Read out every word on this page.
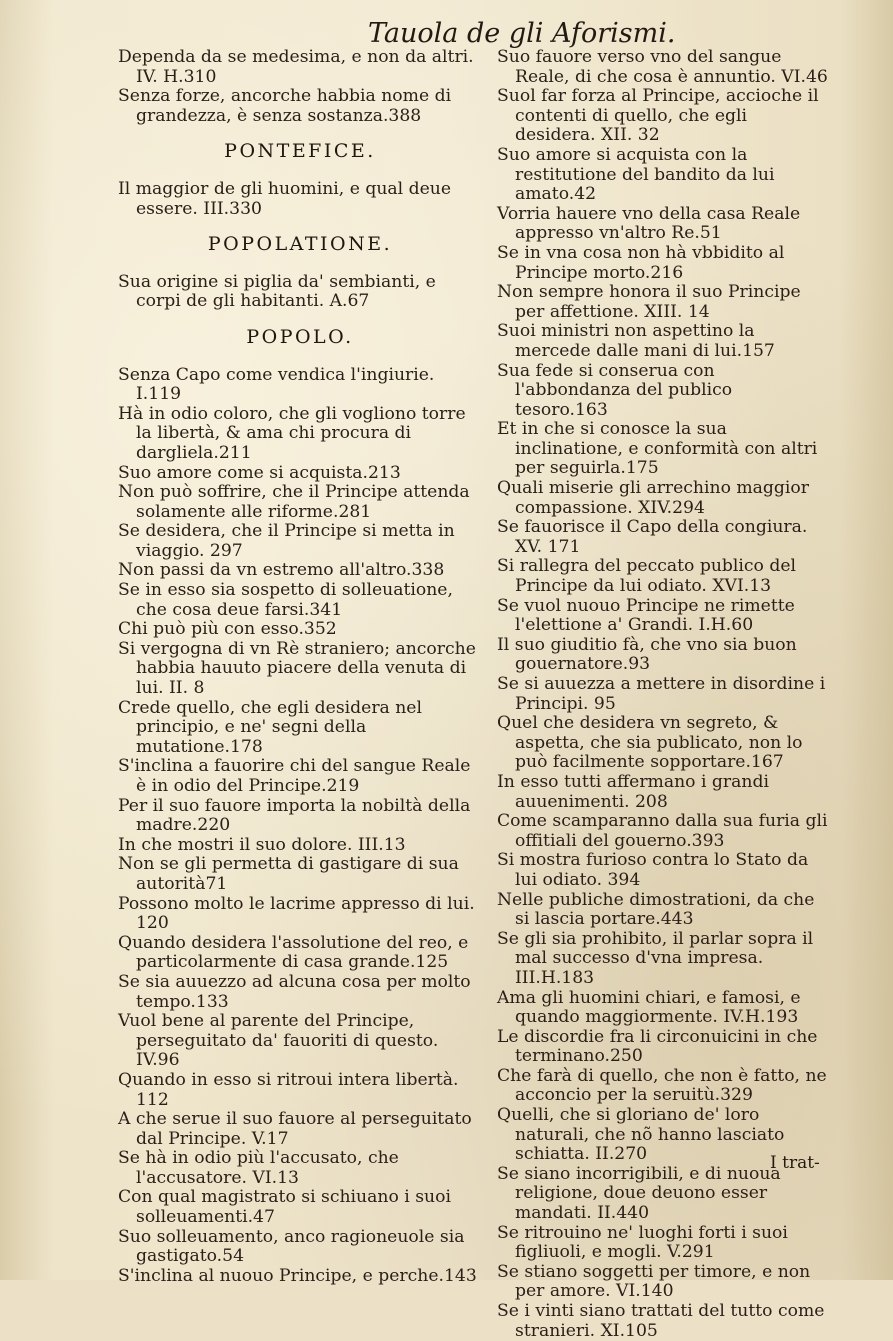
Tauola de gli Aforismi.
Dependa da se medesima, e non da altri. IV. H.310
Senza forze, ancorche habbia nome di grandezza, è senza sostanza.388
PONTEFICE.
Il maggior de gli huomini, e qual deue essere. III.330
POPOLATIONE.
Sua origine si piglia da' sembianti, e corpi de gli habitanti. A.67
POPOLO.
Senza Capo come vendica l'ingiurie. I.119
Hà in odio coloro, che gli vogliono torre la libertà, & ama chi procura di dargliela.211
Suo amore come si acquista.213
Non può soffrire, che il Principe attenda solamente alle riforme.281
Se desidera, che il Principe si metta in viaggio. 297
Non passi da vn estremo all'altro.338
Se in esso sia sospetto di solleuatione, che cosa deue farsi.341
Chi può più con esso.352
Si vergogna di vn Rè straniero; ancorche habbia hauuto piacere della venuta di lui. II. 8
Crede quello, che egli desidera nel principio, e ne' segni della mutatione.178
S'inclina a fauorire chi del sangue Reale è in odio del Principe.219
Per il suo fauore importa la nobiltà della madre.220
In che mostri il suo dolore. III.13
Non se gli permetta di gastigare di sua autorità71
Possono molto le lacrime appresso di lui. 120
Quando desidera l'assolutione del reo, e particolarmente di casa grande.125
Se sia auuezzo ad alcuna cosa per molto tempo.133
Vuol bene al parente del Principe, perseguitato da' fauoriti di questo. IV.96
Quando in esso si ritroui intera libertà. 112
A che serue il suo fauore al perseguitato dal Principe. V.17
Se hà in odio più l'accusato, che l'accusatore. VI.13
Con qual magistrato si schiuano i suoi solleuamenti.47
Suo solleuamento, anco ragioneuole sia gastigato.54
S'inclina al nuouo Principe, e perche.143
Suo fauore verso vno del sangue Reale, di che cosa è annuntio. VI.46
Suol far forza al Principe, accioche il contenti di quello, che egli desidera. XII. 32
Suo amore si acquista con la restitutione del bandito da lui amato.42
Vorria hauere vno della casa Reale appresso vn'altro Re.51
Se in vna cosa non hà vbbidito al Principe morto.216
Non sempre honora il suo Principe per affettione. XIII. 14
Suoi ministri non aspettino la mercede dalle mani di lui.157
Sua fede si conserua con l'abbondanza del publico tesoro.163
Et in che si conosce la sua inclinatione, e conformità con altri per seguirla.175
Quali miserie gli arrechino maggior compassione. XIV.294
Se fauorisce il Capo della congiura. XV. 171
Si rallegra del peccato publico del Principe da lui odiato. XVI.13
Se vuol nuouo Principe ne rimette l'elettione a' Grandi. I.H.60
Il suo giuditio fà, che vno sia buon gouernatore.93
Se si auuezza a mettere in disordine i Principi. 95
Quel che desidera vn segreto, & aspetta, che sia publicato, non lo può facilmente sopportare.167
In esso tutti affermano i grandi auuenimenti. 208
Come scamparanno dalla sua furia gli offitiali del gouerno.393
Si mostra furioso contra lo Stato da lui odiato. 394
Nelle publiche dimostrationi, da che si lascia portare.443
Se gli sia prohibito, il parlar sopra il mal successo d'vna impresa. III.H.183
Ama gli huomini chiari, e famosi, e quando maggiormente. IV.H.193
Le discordie fra li circonuicini in che terminano.250
Che farà di quello, che non è fatto, ne acconcio per la seruitù.329
Quelli, che si gloriano de' loro naturali, che nõ hanno lasciato schiatta. II.270
Se siano incorrigibili, e di nuoua religione, doue deuono esser mandati. II.440
Se ritrouino ne' luoghi forti i suoi figliuoli, e mogli. V.291
Se stiano soggetti per timore, e non per amore. VI.140
Se i vinti siano trattati del tutto come stranieri. XI.105
I trat-
